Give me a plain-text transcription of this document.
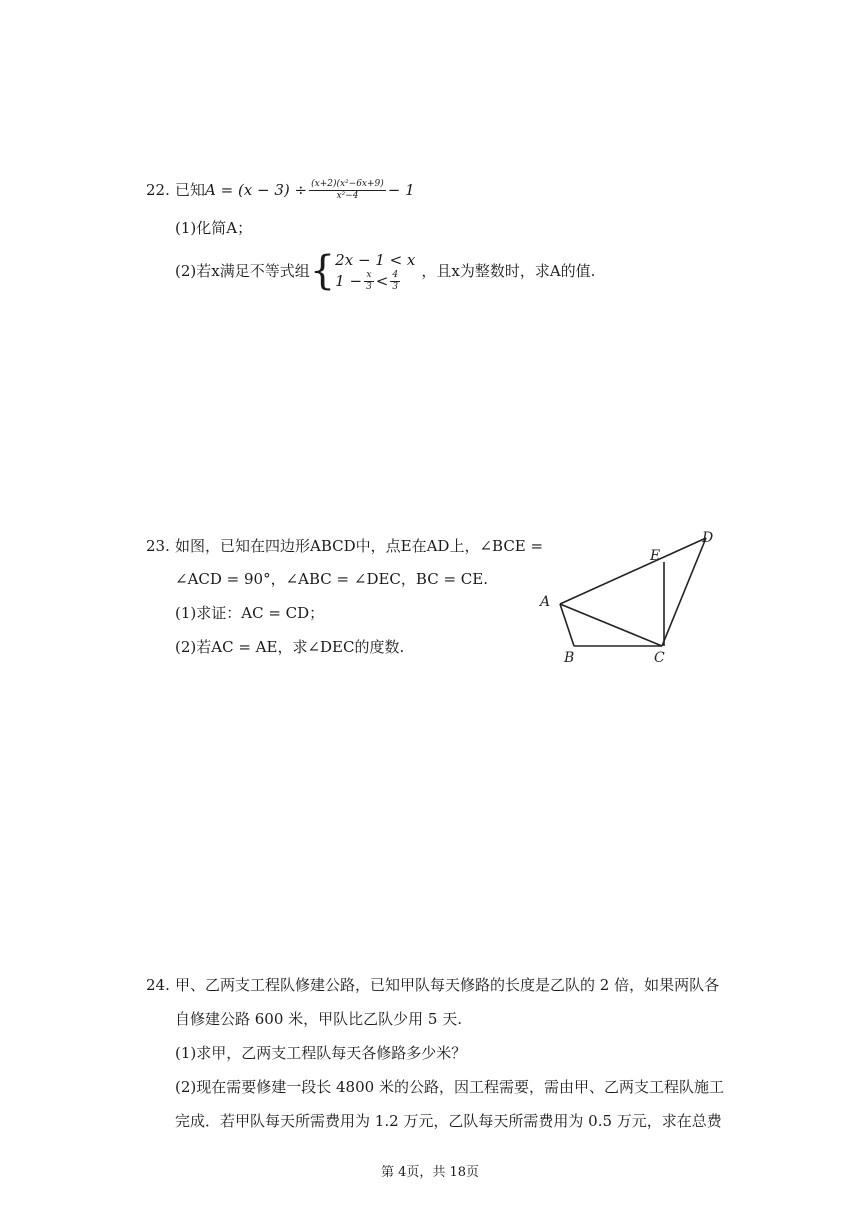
22. 已知 $A = (x - 3) \div \frac{\text{(x+2)(x²−6x+9)}}{\text{x²−4}} - 1$
(1)化简A；
(2)若x满足不等式组 { 2x − 1 < x
$1 - \frac{x}{3} < \frac{4}{3}$ ，且x为整数时，求A的值.
23. 如图，已知在四边形ABCD中，点E在AD上，∠BCE =
∠ACD = 90°，∠ABC = ∠DEC，BC = CE.
(1)求证：AC = CD；
(2)若AC = AE，求∠DEC的度数.
A
B	C
D
E
24. 甲、乙两支工程队修建公路，已知甲队每天修路的长度是乙队的 2 倍，如果两队各
自修建公路 600 米，甲队比乙队少用 5 天.
(1)求甲，乙两支工程队每天各修路多少米？
(2)现在需要修建一段长 4800 米的公路，因工程需要，需由甲、乙两支工程队施工
完成．若甲队每天所需费用为 1.2 万元，乙队每天所需费用为 0.5 万元，求在总费
第 4页，共 18页
